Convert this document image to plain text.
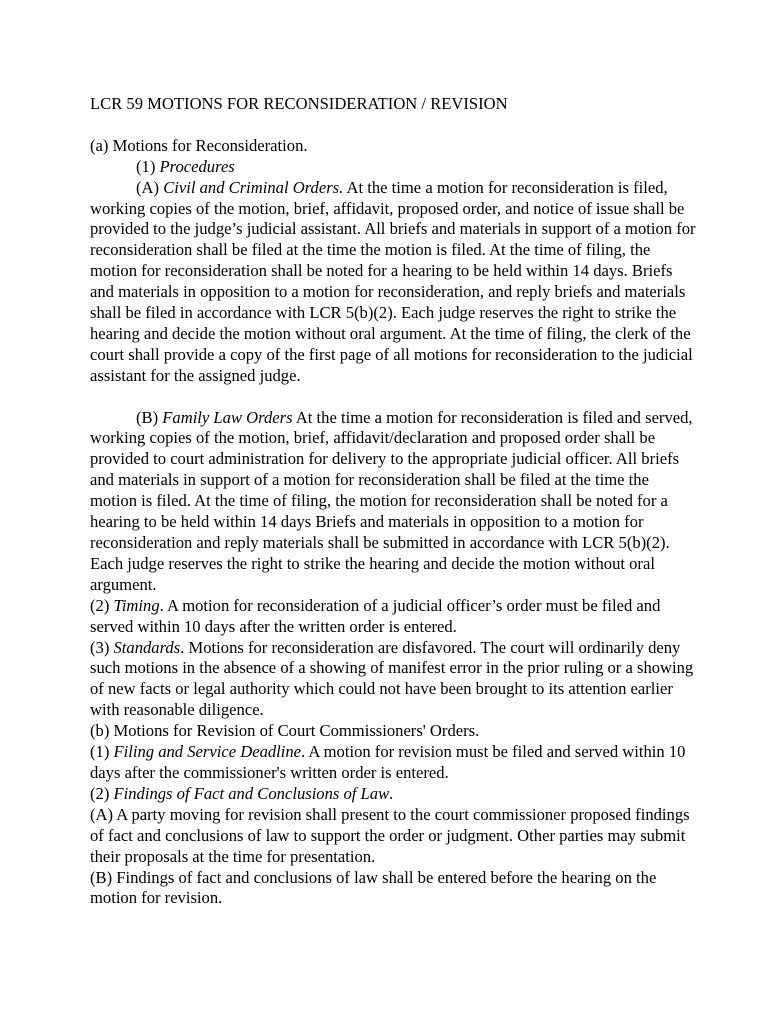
LCR 59 MOTIONS FOR RECONSIDERATION / REVISION

(a) Motions for Reconsideration.

(1) Procedures

(A) Civil and Criminal Orders. At the time a motion for reconsideration is filed, working copies of the motion, brief, affidavit, proposed order, and notice of issue shall be provided to the judge’s judicial assistant. All briefs and materials in support of a motion for reconsideration shall be filed at the time the motion is filed. At the time of filing, the motion for reconsideration shall be noted for a hearing to be held within 14 days. Briefs and materials in opposition to a motion for reconsideration, and reply briefs and materials shall be filed in accordance with LCR 5(b)(2). Each judge reserves the right to strike the hearing and decide the motion without oral argument. At the time of filing, the clerk of the court shall provide a copy of the first page of all motions for reconsideration to the judicial assistant for the assigned judge.

(B) Family Law Orders At the time a motion for reconsideration is filed and served, working copies of the motion, brief, affidavit/declaration and proposed order shall be provided to court administration for delivery to the appropriate judicial officer. All briefs and materials in support of a motion for reconsideration shall be filed at the time the motion is filed. At the time of filing, the motion for reconsideration shall be noted for a hearing to be held within 14 days Briefs and materials in opposition to a motion for reconsideration and reply materials shall be submitted in accordance with LCR 5(b)(2). Each judge reserves the right to strike the hearing and decide the motion without oral argument.

(2) Timing. A motion for reconsideration of a judicial officer’s order must be filed and served within 10 days after the written order is entered.

(3) Standards. Motions for reconsideration are disfavored. The court will ordinarily deny such motions in the absence of a showing of manifest error in the prior ruling or a showing of new facts or legal authority which could not have been brought to its attention earlier with reasonable diligence.

(b) Motions for Revision of Court Commissioners' Orders.

(1) Filing and Service Deadline. A motion for revision must be filed and served within 10 days after the commissioner's written order is entered.

(2) Findings of Fact and Conclusions of Law.

(A) A party moving for revision shall present to the court commissioner proposed findings of fact and conclusions of law to support the order or judgment. Other parties may submit their proposals at the time for presentation.

(B) Findings of fact and conclusions of law shall be entered before the hearing on the motion for revision.
